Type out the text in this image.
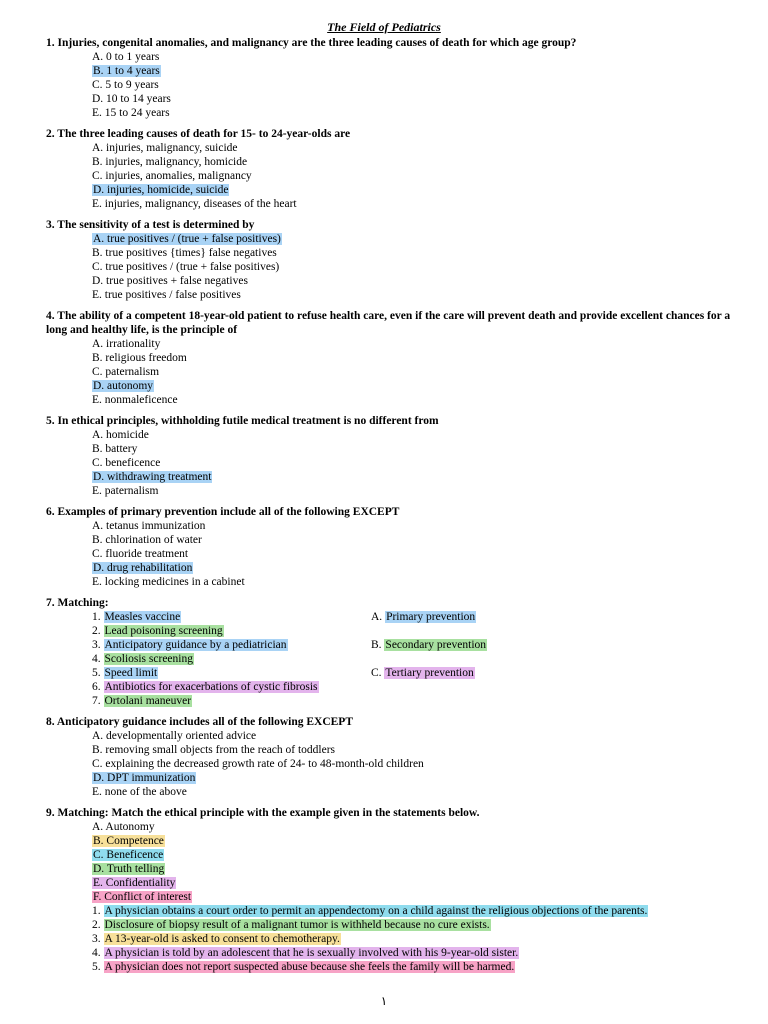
The Field of Pediatrics
1. Injuries, congenital anomalies, and malignancy are the three leading causes of death for which age group?
A. 0 to 1 years
B. 1 to 4 years
C. 5 to 9 years
D. 10 to 14 years
E. 15 to 24 years
2. The three leading causes of death for 15- to 24-year-olds are
A. injuries, malignancy, suicide
B. injuries, malignancy, homicide
C. injuries, anomalies, malignancy
D. injuries, homicide, suicide
E. injuries, malignancy, diseases of the heart
3. The sensitivity of a test is determined by
A. true positives / (true + false positives)
B. true positives {times} false negatives
C. true positives / (true + false positives)
D. true positives + false negatives
E. true positives / false positives
4. The ability of a competent 18-year-old patient to refuse health care, even if the care will prevent death and provide excellent chances for a long and healthy life, is the principle of
A. irrationality
B. religious freedom
C. paternalism
D. autonomy
E. nonmaleficence
5. In ethical principles, withholding futile medical treatment is no different from
A. homicide
B. battery
C. beneficence
D. withdrawing treatment
E. paternalism
6. Examples of primary prevention include all of the following EXCEPT
A. tetanus immunization
B. chlorination of water
C. fluoride treatment
D. drug rehabilitation
E. locking medicines in a cabinet
7. Matching:
1. Measles vaccine
2. Lead poisoning screening
3. Anticipatory guidance by a pediatrician
4. Scoliosis screening
5. Speed limit
6. Antibiotics for exacerbations of cystic fibrosis
7. Ortolani maneuver
A. Primary prevention
B. Secondary prevention
C. Tertiary prevention
8. Anticipatory guidance includes all of the following EXCEPT
A. developmentally oriented advice
B. removing small objects from the reach of toddlers
C. explaining the decreased growth rate of 24- to 48-month-old children
D. DPT immunization
E. none of the above
9. Matching: Match the ethical principle with the example given in the statements below.
A. Autonomy
B. Competence
C. Beneficence
D. Truth telling
E. Confidentiality
F. Conflict of interest
1. A physician obtains a court order to permit an appendectomy on a child against the religious objections of the parents.
2. Disclosure of biopsy result of a malignant tumor is withheld because no cure exists.
3. A 13-year-old is asked to consent to chemotherapy.
4. A physician is told by an adolescent that he is sexually involved with his 9-year-old sister.
5. A physician does not report suspected abuse because she feels the family will be harmed.
١
